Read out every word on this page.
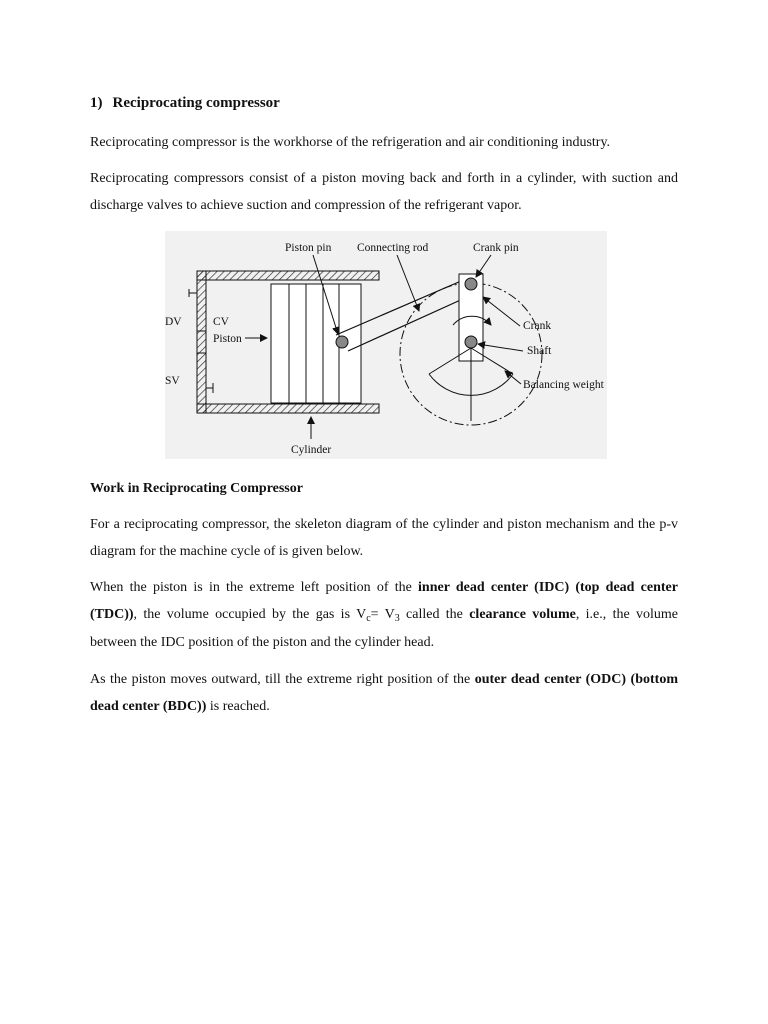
1) Reciprocating compressor

Reciprocating compressor is the workhorse of the refrigeration and air conditioning industry.

Reciprocating compressors consist of a piston moving back and forth in a cylinder, with suction and discharge valves to achieve suction and compression of the refrigerant vapor.

Piston pin Connecting rod	Crank pin
DV	CV
Piston
SV
Crank
Shaft
Balancing weight
Cylinder
Work in Reciprocating Compressor

For a reciprocating compressor, the skeleton diagram of the cylinder and piston mechanism and the p-v diagram for the machine cycle of is given below.

When the piston is in the extreme left position of the inner dead center (IDC) (top dead center (TDC)), the volume occupied by the gas is $V_c= V_3$ called the clearance volume, i.e., the volume between the IDC position of the piston and the cylinder head.

As the piston moves outward, till the extreme right position of the outer dead center (ODC) (bottom dead center (BDC)) is reached.
